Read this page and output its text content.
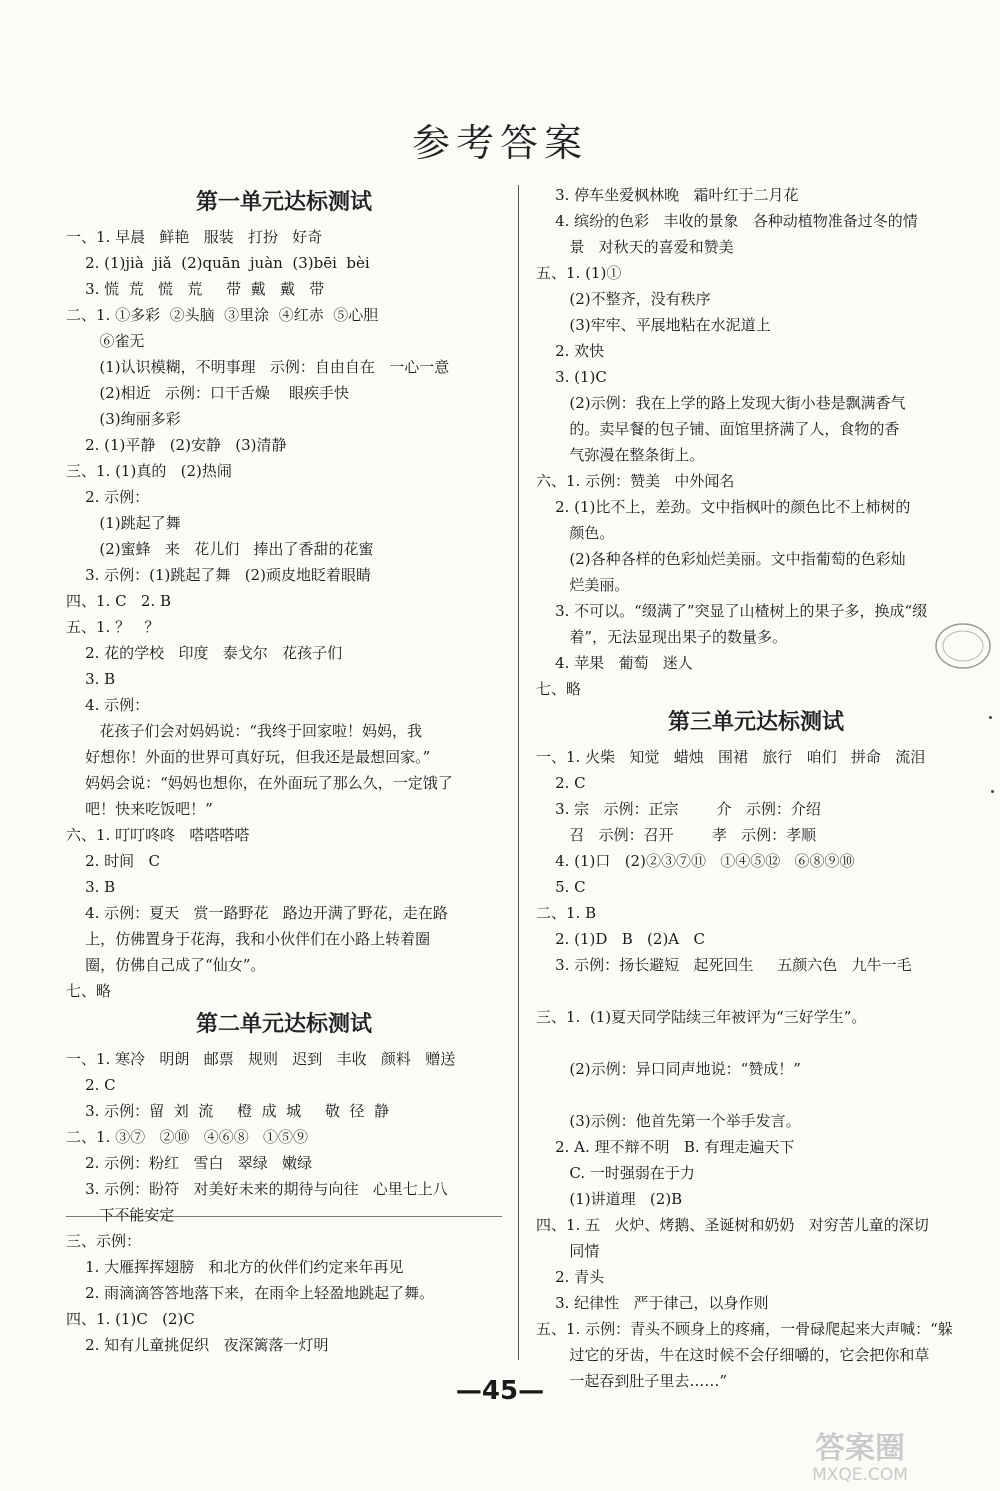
参考答案
第一单元达标测试
一、1. 早晨   鲜艳   服装   打扮   好奇
2. (1)jià  jiǎ  (2)quān  juàn  (3)bēi  bèi
3. 慌  荒   慌   荒     带  戴   戴   带
二、1. ①多彩  ②头脑  ③里涂  ④红赤  ⑤心胆
⑥雀无
(1)认识模糊，不明事理   示例：自由自在   一心一意
(2)相近   示例：口干舌燥    眼疾手快
(3)绚丽多彩
2. (1)平静   (2)安静   (3)清静
三、1. (1)真的   (2)热闹
2. 示例：
(1)跳起了舞
(2)蜜蜂   来   花儿们   捧出了香甜的花蜜
3. 示例：(1)跳起了舞   (2)顽皮地眨着眼睛
四、1. C   2. B
五、1. ？   ？
2. 花的学校   印度   泰戈尔   花孩子们
3. B
4. 示例：
花孩子们会对妈妈说：“我终于回家啦！妈妈，我
好想你！外面的世界可真好玩，但我还是最想回家。”
妈妈会说：“妈妈也想你，在外面玩了那么久，一定饿了
吧！快来吃饭吧！”
六、1. 叮叮咚咚   嗒嗒嗒嗒
2. 时间   C
3. B
4. 示例：夏天   赏一路野花   路边开满了野花，走在路
上，仿佛置身于花海，我和小伙伴们在小路上转着圈
圈，仿佛自己成了“仙女”。
七、略
第二单元达标测试
一、1. 寒冷   明朗   邮票   规则   迟到   丰收   颜料   赠送
2. C
3. 示例：留  刘  流     橙  成  城     敬  径  静
二、1. ③⑦   ②⑩   ④⑥⑧   ①⑤⑨
2. 示例：粉红   雪白   翠绿   嫩绿
3. 示例：盼符   对美好未来的期待与向往   心里七上八
下不能安定
三、示例：
1. 大雁挥挥翅膀   和北方的伙伴们约定来年再见
2. 雨滴滴答答地落下来，在雨伞上轻盈地跳起了舞。
四、1. (1)C   (2)C
2. 知有儿童挑促织   夜深篱落一灯明
3. 停车坐爱枫林晚   霜叶红于二月花
4. 缤纷的色彩   丰收的景象   各种动植物准备过冬的情
景   对秋天的喜爱和赞美
五、1. (1)①
(2)不整齐，没有秩序
(3)牢牢、平展地粘在水泥道上
2. 欢快
3. (1)C
(2)示例：我在上学的路上发现大街小巷是飘满香气
的。卖早餐的包子铺、面馆里挤满了人，食物的香
气弥漫在整条街上。
六、1. 示例：赞美   中外闻名
2. (1)比不上，差劲。文中指枫叶的颜色比不上柿树的
颜色。
(2)各种各样的色彩灿烂美丽。文中指葡萄的色彩灿
烂美丽。
3. 不可以。“缀满了”突显了山楂树上的果子多，换成“缀
着”，无法显现出果子的数量多。
4. 苹果   葡萄   迷人
七、略
第三单元达标测试
一、1. 火柴   知觉   蜡烛   围裙   旅行   咱们   拼命   流泪
2. C
3. 宗   示例：正宗        介   示例：介绍
召   示例：召开        孝   示例：孝顺
4. (1)口   (2)②③⑦⑪   ①④⑤⑫   ⑥⑧⑨⑩
5. C
二、1. B
2. (1)D   B   (2)A   C
3. 示例：扬长避短   起死回生     五颜六色   九牛一毛
三、1.  (1)夏天同学陆续三年被评为“三好学生”。
(2)示例：异口同声地说：“赞成！”
(3)示例：他首先第一个举手发言。
2. A. 理不辩不明   B. 有理走遍天下
C. 一时强弱在于力
(1)讲道理   (2)B
四、1. 五   火炉、烤鹅、圣诞树和奶奶   对穷苦儿童的深切
同情
2. 青头
3. 纪律性   严于律己，以身作则
五、1. 示例：青头不顾身上的疼痛，一骨碌爬起来大声喊：“躲
过它的牙齿，牛在这时候不会仔细嚼的，它会把你和草
一起吞到肚子里去……”
—45—
答案圈
MXQE.COM
